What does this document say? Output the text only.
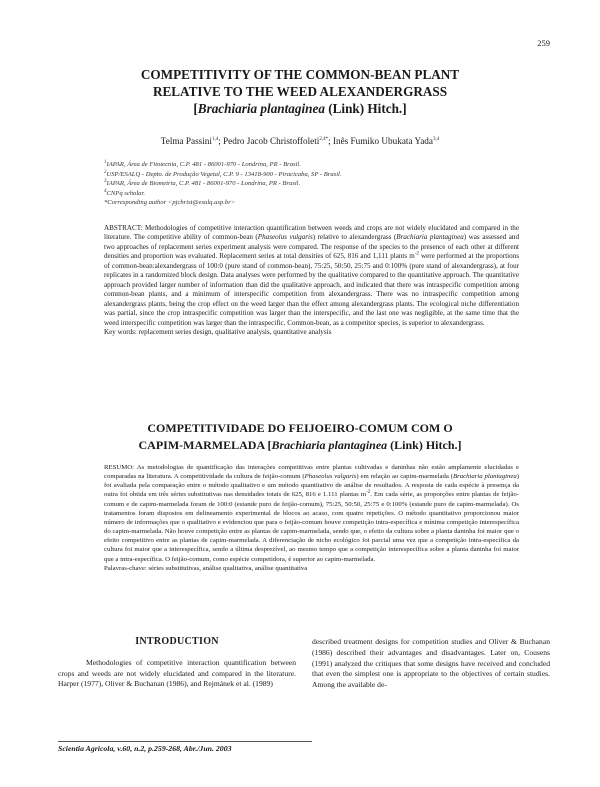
259
COMPETITIVITY OF THE COMMON-BEAN PLANT
RELATIVE TO THE WEED ALEXANDERGRASS
[Brachiaria plantaginea (Link) Hitch.]
Telma Passini$^{1,4}$; Pedro Jacob Christoffoleti$^{2,4*}$; Inês Fumiko Ubukata Yada$^{3,4}$
$^1$IAPAR, Área de Fitotecnia, C.P. 481 - 86001-970 - Londrina, PR - Brasil.
$^2$USP/ESALQ - Depto. de Produção Vegetal, C.P. 9 - 13418-900 - Piracicaba, SP - Brasil.
$^3$IAPAR, Área de Biometria, C.P. 481 - 86001-970 - Londrina, PR - Brasil.
$^4$CNPq scholar.
*Corresponding author <pjchrist@esalq.usp.br>

ABSTRACT: Methodologies of competitive interaction quantification between weeds and crops are not widely elucidated and compared in the literature. The competitive ability of common-bean (Phaseolus vulgaris) relative to alexandergrass (Brachiaria plantaginea) was assessed and two approaches of replacement series experiment analysis were compared. The response of the species to the presence of each other at different densities and proportion was evaluated. Replacement series at total densities of 625, 816 and 1,111 plants $m^{-2}$ were performed at the proportions of common-bean:alexandergrass of 100:0 (pure stand of common-bean), 75:25, 50:50, 25:75 and 0:100% (pure stand of alexandergrass), at four replicates in a randomized block design. Data analyses were performed by the qualitative compared to the quantitative approach. The quantitative approach provided larger number of information than did the qualitative approach, and indicated that there was intraspecific competition among common-bean plants, and a minimum of interspecific competition from alexandergrass. There was no intraspecific competition among alexandergrass plants, being the crop effect on the weed larger than the effect among alexandergrass plants. The ecological niche differentiation was partial, since the crop intraspecific competition was larger than the interspecific, and the last one was negligible, at the same time that the weed interspecific competition was larger than the intraspecific. Common-bean, as a competitor species, is superior to alexandergrass.

Key words: replacement series design, qualitative analysis, quantitative analysis

COMPETITIVIDADE DO FEIJOEIRO-COMUM COM O
CAPIM-MARMELADA [Brachiaria plantaginea (Link) Hitch.]

RESUMO: As metodologias de quantificação das interações competitivas entre plantas cultivadas e daninhas não estão amplamente elucidadas e comparadas na literatura. A competitividade da cultura de feijão-comum (Phaseolus vulgaris) em relação ao capim-marmelada (Brachiaria plantaginea) foi avaliada pela comparação entre o método qualitativo e um método quantitativo de análise de resultados. A resposta de cada espécie à presença da outra foi obtida em três séries substitutivas nas densidades totais de 625, 816 e 1.111 plantas $m^{-2}$. Em cada série, as proporções entre plantas de feijão-comum e de capim-marmelada foram de 100:0 (estande puro de feijão-comum), 75:25, 50:50, 25:75 e 0:100% (estande puro de capim-marmelada). Os tratamentos foram dispostos em delineamento experimental de blocos ao acaso, com quatro repetições. O método quantitativo proporcionou maior número de informações que o qualitativo e evidenciou que para o feijão-comum houve competição intra-específica e mínima competição interespecífica do capim-marmelada. Não houve competição entre as plantas de capim-marmelada, sendo que, o efeito da cultura sobre a planta daninha foi maior que o efeito competitivo entre as plantas de capim-marmelada. A diferenciação de nicho ecológico foi parcial uma vez que a competição intra-específica da cultura foi maior que a interespecífica, sendo a última desprezível, ao mesmo tempo que a competição interespecífica sobre a planta daninha foi maior que a intra-específica. O feijão-comum, como espécie competidora, é superior ao capim-marmelada.

Palavras-chave: séries substitutivas, análise qualitativa, análise quantitativa

INTRODUCTION

Methodologies of competitive interaction quantification between crops and weeds are not widely elucidated and compared in the literature. Harper (1977), Oliver & Buchanan (1986), and Rejmánek et al. (1989)

described treatment designs for competition studies and Oliver & Buchanan (1986) described their advantages and disadvantages. Later on, Cousens (1991) analyzed the critiques that some designs have received and concluded that even the simplest one is appropriate to the objectives of certain studies. Among the available de-

Scientia Agricola, v.60, n.2, p.259-268, Abr./Jun. 2003
